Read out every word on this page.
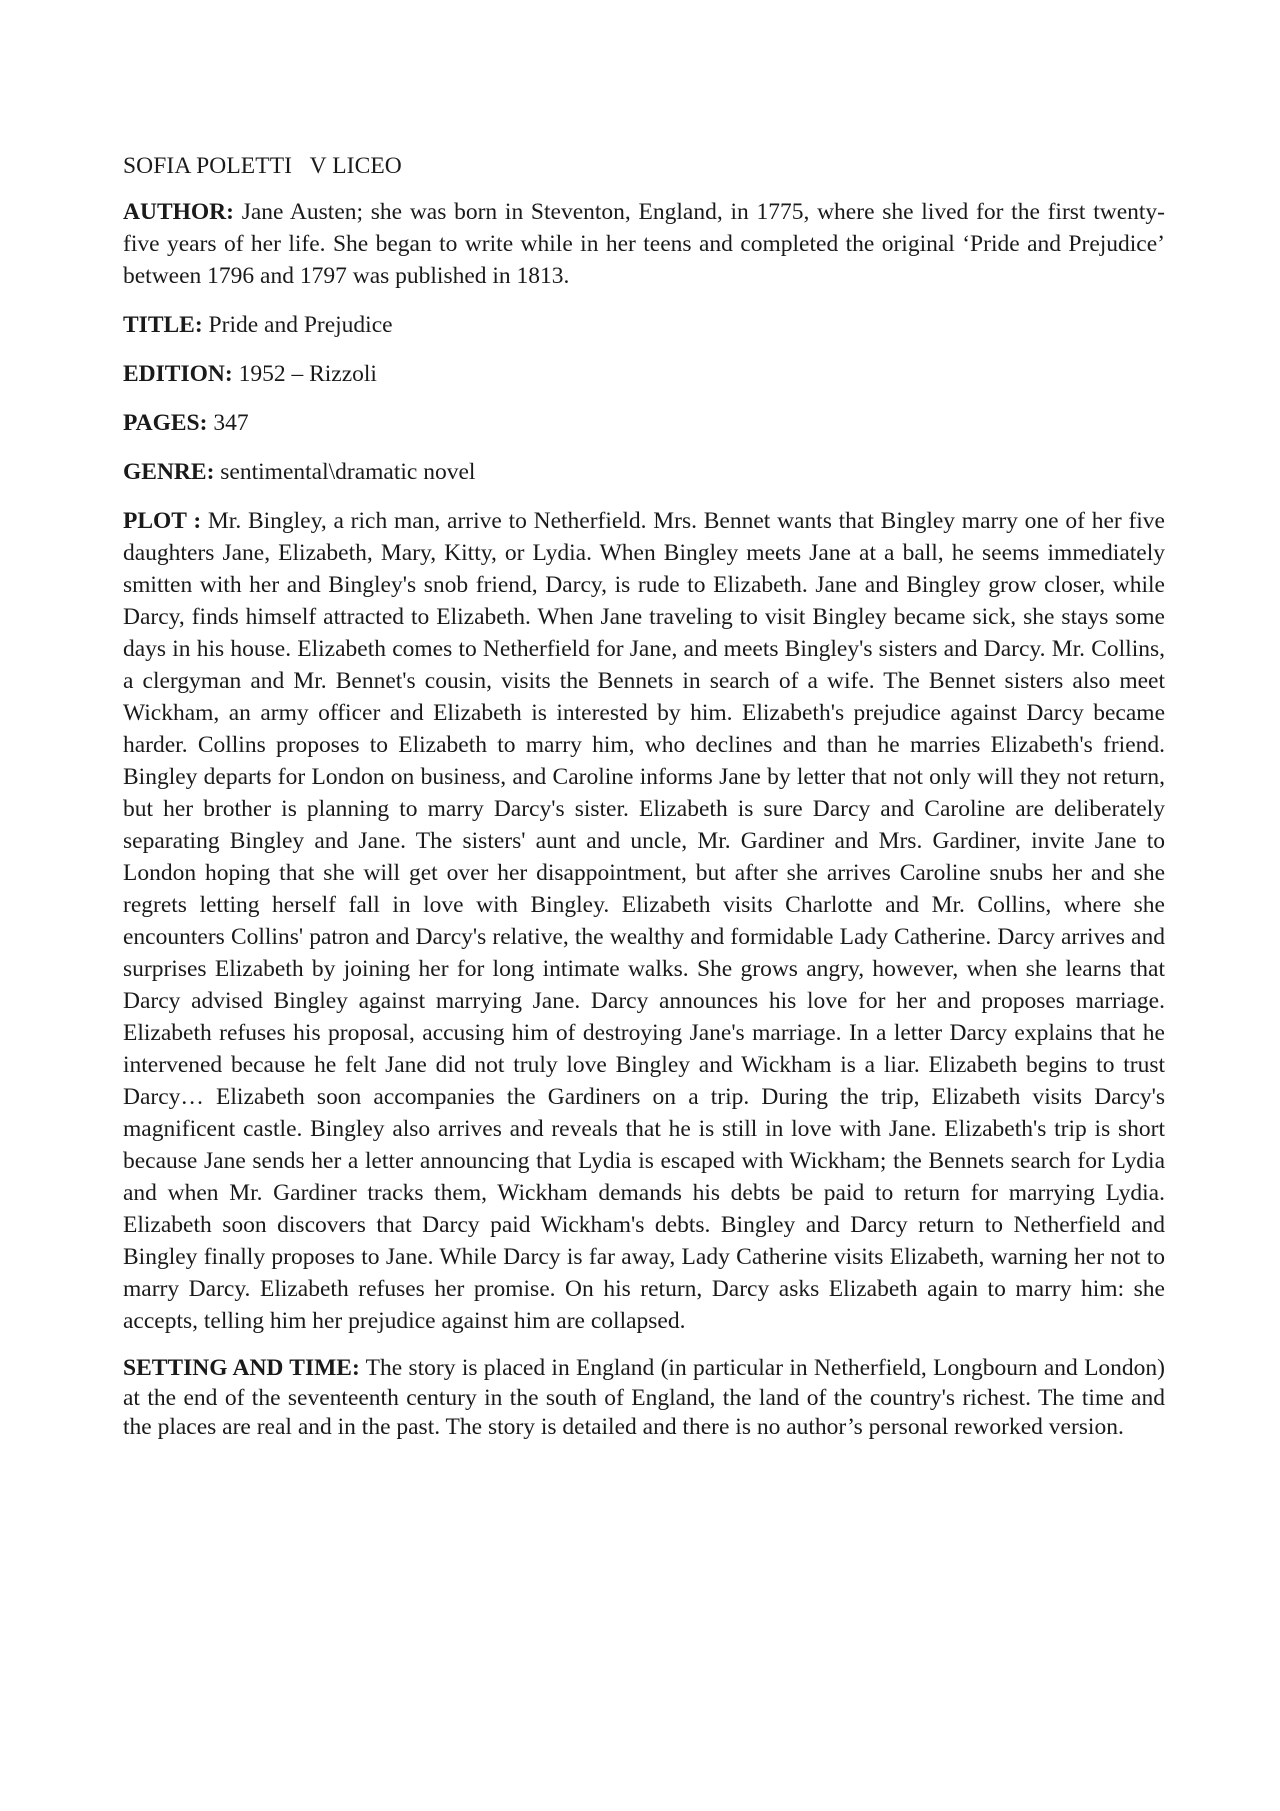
SOFIA POLETTI   V LICEO

AUTHOR: Jane Austen; she was born in Steventon, England, in 1775, where she lived for the first twenty-five years of her life. She began to write while in her teens and completed the original ‘Pride and Prejudice’ between 1796 and 1797 was published in 1813.

TITLE: Pride and Prejudice

EDITION: 1952 – Rizzoli

PAGES: 347

GENRE: sentimental\dramatic novel

PLOT : Mr. Bingley, a rich man, arrive to Netherfield. Mrs. Bennet wants that Bingley marry one of her five daughters Jane, Elizabeth, Mary, Kitty, or Lydia. When Bingley meets Jane at a ball, he seems immediately smitten with her and Bingley's snob friend, Darcy, is rude to Elizabeth. Jane and Bingley grow closer, while Darcy, finds himself attracted to Elizabeth. When Jane traveling to visit Bingley became sick, she stays some days in his house. Elizabeth comes to Netherfield for Jane, and meets Bingley's sisters and Darcy. Mr. Collins, a clergyman and Mr. Bennet's cousin, visits the Bennets in search of a wife. The Bennet sisters also meet Wickham, an army officer and Elizabeth is interested by him. Elizabeth's prejudice against Darcy became harder. Collins proposes to Elizabeth to marry him, who declines and than he marries Elizabeth's friend. Bingley departs for London on business, and Caroline informs Jane by letter that not only will they not return, but her brother is planning to marry Darcy's sister. Elizabeth is sure Darcy and Caroline are deliberately separating Bingley and Jane. The sisters' aunt and uncle, Mr. Gardiner and Mrs. Gardiner, invite Jane to London hoping that she will get over her disappointment, but after she arrives Caroline snubs her and she regrets letting herself fall in love with Bingley. Elizabeth visits Charlotte and Mr. Collins, where she encounters Collins' patron and Darcy's relative, the wealthy and formidable Lady Catherine. Darcy arrives and surprises Elizabeth by joining her for long intimate walks. She grows angry, however, when she learns that Darcy advised Bingley against marrying Jane. Darcy announces his love for her and proposes marriage. Elizabeth refuses his proposal, accusing him of destroying Jane's marriage. In a letter Darcy explains that he intervened because he felt Jane did not truly love Bingley and Wickham is a liar. Elizabeth begins to trust Darcy… Elizabeth soon accompanies the Gardiners on a trip. During the trip, Elizabeth visits Darcy's magnificent castle. Bingley also arrives and reveals that he is still in love with Jane. Elizabeth's trip is short because Jane sends her a letter announcing that Lydia is escaped with Wickham; the Bennets search for Lydia and when Mr. Gardiner tracks them, Wickham demands his debts be paid to return for marrying Lydia. Elizabeth soon discovers that Darcy paid Wickham's debts. Bingley and Darcy return to Netherfield and Bingley finally proposes to Jane. While Darcy is far away, Lady Catherine visits Elizabeth, warning her not to marry Darcy. Elizabeth refuses her promise. On his return, Darcy asks Elizabeth again to marry him: she accepts, telling him her prejudice against him are collapsed.

SETTING AND TIME: The story is placed in England (in particular in Netherfield, Longbourn and London) at the end of the seventeenth century in the south of England, the land of the country's richest. The time and the places are real and in the past. The story is detailed and there is no author’s personal reworked version.
